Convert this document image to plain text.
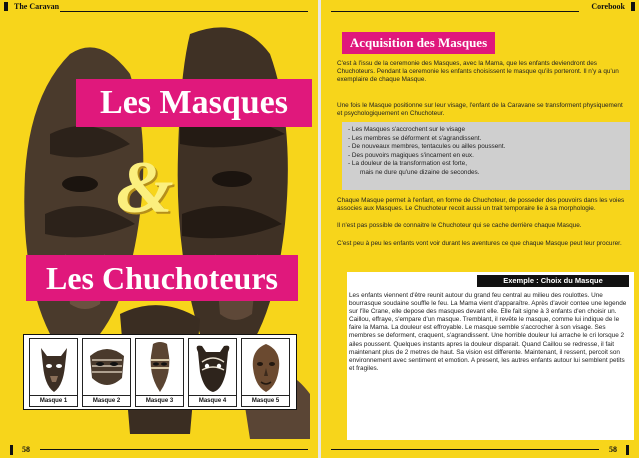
The Caravan
Les Masques
&
Les Chuchoteurs
Masque 1	Masque 2	Masque 3	Masque 4	Masque 5
58
Corebook
Acquisition des Masques

C'est à l'issu de la ceremonie des Masques, avec la Mama, que les enfants deviendront des Chuchoteurs. Pendant la ceremonie les enfants choisissent le masque qu'ils porteront. Il n'y a qu'un exemplaire de chaque Masque.

Une fois le Masque positionne sur leur visage, l'enfant de la Caravane se transforment physiquement et psychologiquement en Chuchoteur.

- Les Masques s'accrochent sur le visage
- Les membres se déforment et s'agrandissent.
- De nouveaux membres, tentacules ou ailles poussent.
- Des pouvoirs magiques s'incarnent en eux.
- La douleur de la transformation est forte,
mais ne dure qu'une dizaine de secondes.

Chaque Masque permet à l'enfant, en forme de Chuchoteur, de posseder des pouvoirs dans les voies associes aux Masques. Le Chuchoteur recoit aussi un trait temporaire lie à sa morphologie.

Il n'est pas possible de connaitre le Chuchoteur qui se cache derrière chaque Masque.

C'est peu à peu les enfants vont voir durant les aventures ce que chaque Masque peut leur procurer.

Exemple : Choix du Masque

Les enfants viennent d'être reunit autour du grand feu central au milieu des roulottes. Une bourrasque soudaine souffle le feu. La Mama vient d'apparaître. Après d'avoir contee une legende sur l'île Crane, elle depose des masques devant elle. Elle fait signe à 3 enfants d'en choisir un. Caillou, effraye, s'empare d'un masque. Tremblant, il revête le masque, comme lui indique de le faire la Mama. La douleur est effroyable. Le masque semble s'accrocher à son visage. Ses membres se deforment, craquent, s'agrandissent. Une horrible douleur lui arrache le cri lorsque 2 ailes poussent. Quelques instants apres la douleur disparait. Quand Caillou se redresse, il fait maintenant plus de 2 metres de haut. Sa vision est differente. Maintenant, il ressent, percoit son environnement avec sentiment et emotion. A present, les autres enfants autour lui semblent petits et fragiles.

58
